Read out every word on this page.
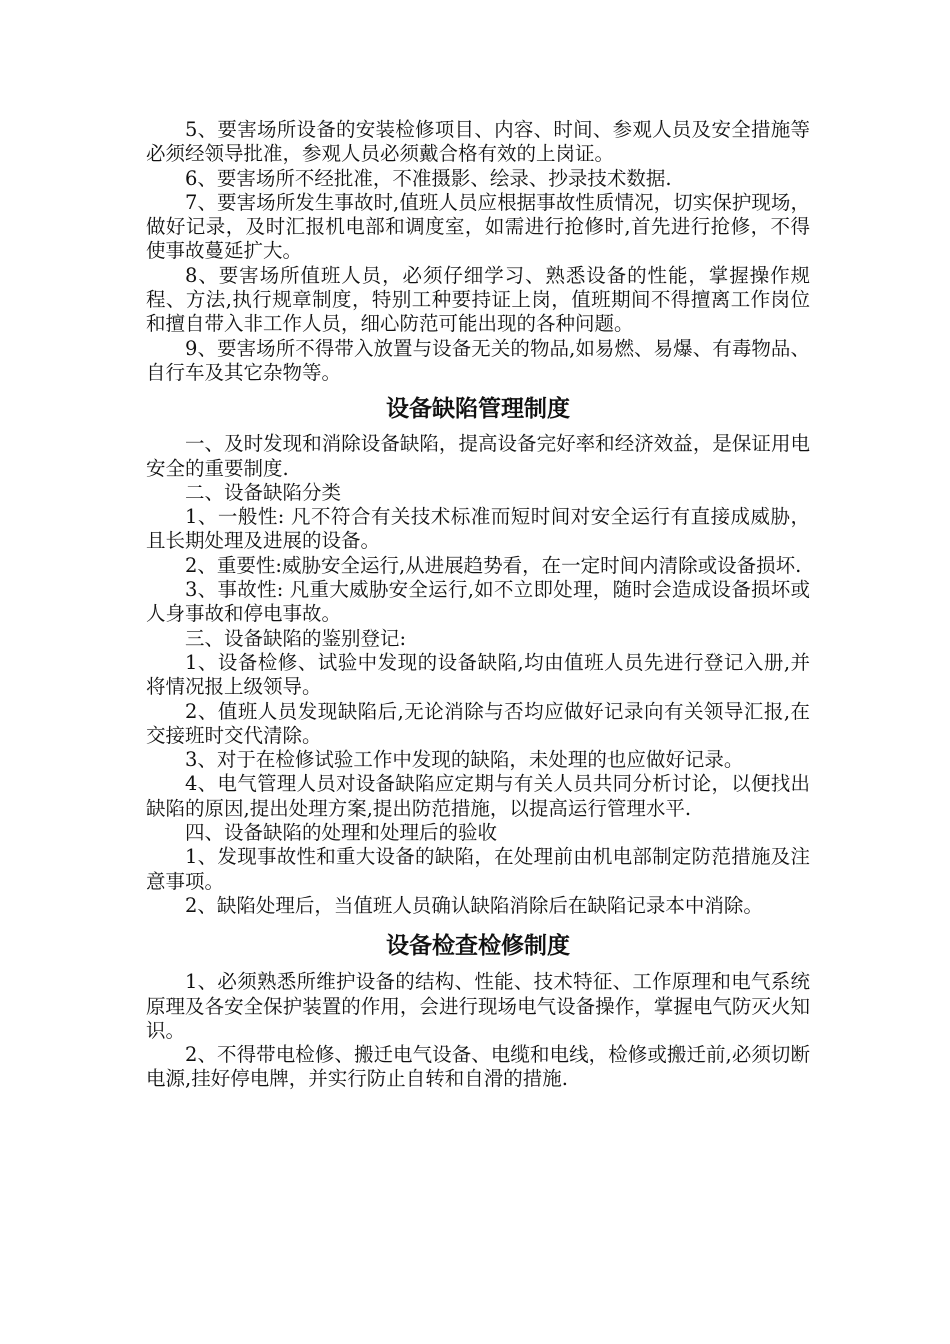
5、要害场所设备的安装检修项目、内容、时间、参观人员及安全措施等必须经领导批准，参观人员必须戴合格有效的上岗证。

6、要害场所不经批准，不准摄影、绘录、抄录技术数据.

7、要害场所发生事故时,值班人员应根据事故性质情况，切实保护现场，做好记录，及时汇报机电部和调度室，如需进行抢修时,首先进行抢修，不得使事故蔓延扩大。

8、要害场所值班人员，必须仔细学习、熟悉设备的性能，掌握操作规程、方法,执行规章制度，特别工种要持证上岗，值班期间不得擅离工作岗位和擅自带入非工作人员，细心防范可能出现的各种问题。

9、要害场所不得带入放置与设备无关的物品,如易燃、易爆、有毒物品、自行车及其它杂物等。

设备缺陷管理制度

一、及时发现和消除设备缺陷，提高设备完好率和经济效益，是保证用电安全的重要制度.

二、设备缺陷分类

1、一般性: 凡不符合有关技术标准而短时间对安全运行有直接成威胁，且长期处理及进展的设备。

2、重要性:威胁安全运行,从进展趋势看，在一定时间内清除或设备损坏.

3、事故性: 凡重大威胁安全运行,如不立即处理，随时会造成设备损坏或人身事故和停电事故。

三、设备缺陷的鉴别登记:

1、设备检修、试验中发现的设备缺陷,均由值班人员先进行登记入册,并将情况报上级领导。

2、值班人员发现缺陷后,无论消除与否均应做好记录向有关领导汇报,在交接班时交代清除。

3、对于在检修试验工作中发现的缺陷，未处理的也应做好记录。

4、电气管理人员对设备缺陷应定期与有关人员共同分析讨论，以便找出缺陷的原因,提出处理方案,提出防范措施，以提高运行管理水平.

四、设备缺陷的处理和处理后的验收

1、发现事故性和重大设备的缺陷，在处理前由机电部制定防范措施及注意事项。

2、缺陷处理后，当值班人员确认缺陷消除后在缺陷记录本中消除。

设备检查检修制度

1、必须熟悉所维护设备的结构、性能、技术特征、工作原理和电气系统原理及各安全保护装置的作用，会进行现场电气设备操作，掌握电气防灭火知识。

2、不得带电检修、搬迁电气设备、电缆和电线，检修或搬迁前,必须切断电源,挂好停电牌，并实行防止自转和自滑的措施.
